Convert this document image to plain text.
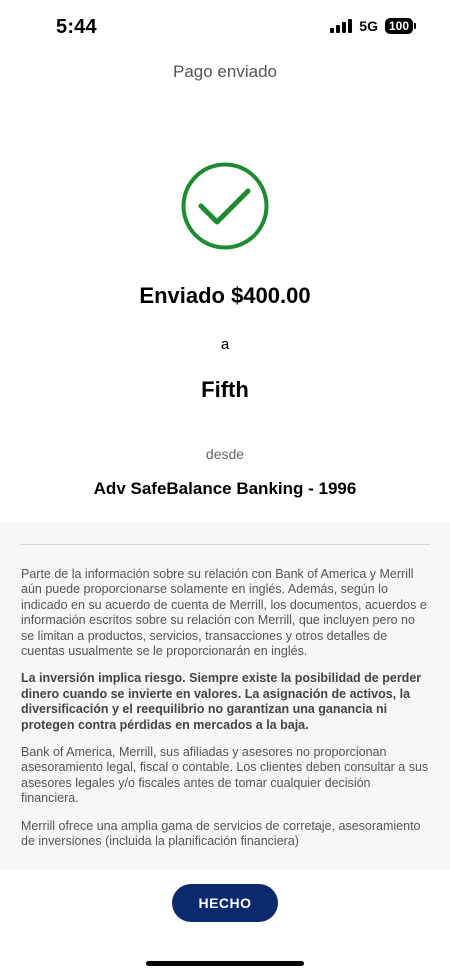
5:44	5G 100
Pago enviado
Enviado $400.00
a
Fifth
desde
Adv SafeBalance Banking - 1996

Parte de la información sobre su relación con Bank of America y Merrill aún puede proporcionarse solamente en inglés. Además, según lo indicado en su acuerdo de cuenta de Merrill, los documentos, acuerdos e información escritos sobre su relación con Merrill, que incluyen pero no se limitan a productos, servicios, transacciones y otros detalles de cuentas usualmente se le proporcionarán en inglés.

La inversión implica riesgo. Siempre existe la posibilidad de perder dinero cuando se invierte en valores. La asignación de activos, la diversificación y el reequilibrio no garantizan una ganancia ni protegen contra pérdidas en mercados a la baja.

Bank of America, Merrill, sus afiliadas y asesores no proporcionan asesoramiento legal, fiscal o contable. Los clientes deben consultar a sus asesores legales y/o fiscales antes de tomar cualquier decisión financiera.

Merrill ofrece una amplia gama de servicios de corretaje, asesoramiento de inversiones (incluida la planificación financiera)

HECHO
